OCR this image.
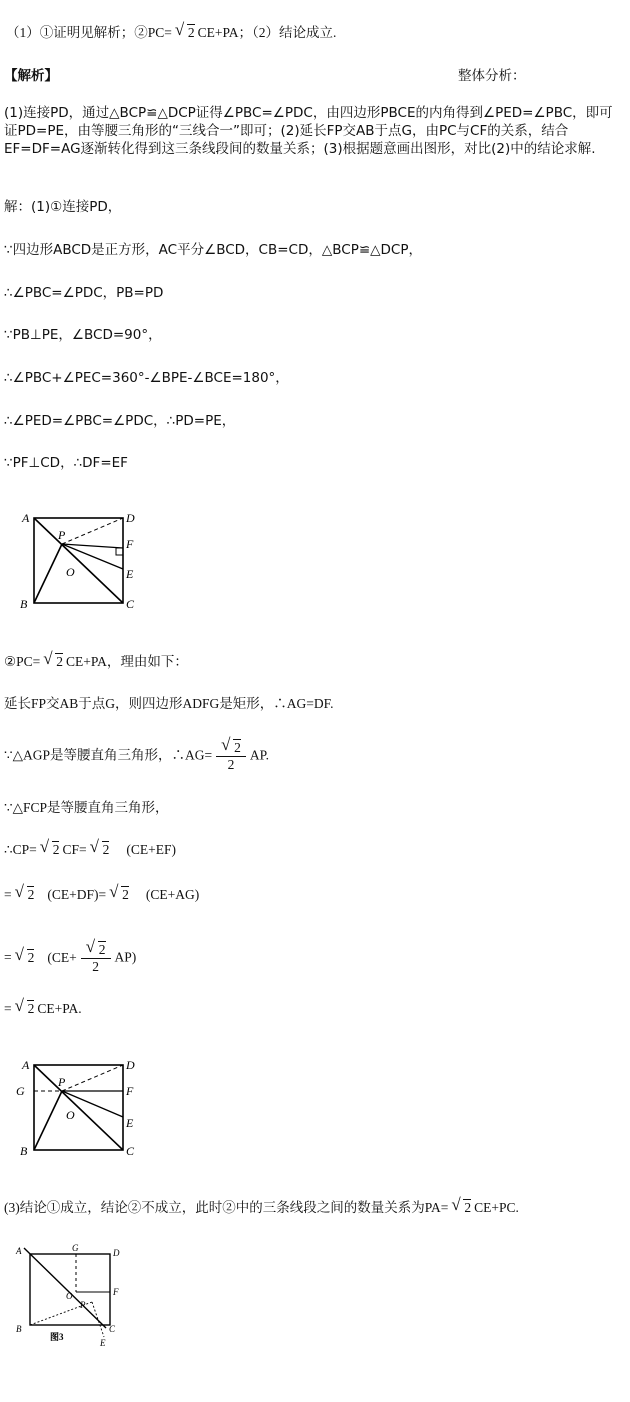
（1）①证明见解析；②PC= √ 2 CE+PA；（2）结论成立.
【解析】	整体分析：
(1)连接PD，通过△BCP≌△DCP证得∠PBC=∠PDC，由四边形PBCE的内角得到∠PED=∠PBC，即可证PD=PE，由等腰三角形的“三线合一”即可；(2)延长FP交AB于点G，由PC与CF的关系，结合EF=DF=AG逐渐转化得到这三条线段间的数量关系；(3)根据题意画出图形，对比(2)中的结论求解.
解：(1)①连接PD，
∵四边形ABCD是正方形，AC平分∠BCD，CB=CD，△BCP≌△DCP，
∴∠PBC=∠PDC，PB=PD
∵PB⊥PE，∠BCD=90°，
∴∠PBC+∠PEC=360°-∠BPE-∠BCE=180°，
∴∠PED=∠PBC=∠PDC，∴PD=PE，
∵PF⊥CD，∴DF=EF
A	D
P
F
O	E
B	C
②PC= √ 2 CE+PA，理由如下：
延长FP交AB于点G，则四边形ADFG是矩形，∴AG=DF.
∵△AGP是等腰直角三角形，∴AG= $\frac{√ 2}{2}$ AP.
∵△FCP是等腰直角三角形，
∴CP= √ 2 CF= √ 2 (CE+EF)
= √ 2 (CE+DF)= √ 2 (CE+AG)
= √ 2 $(CE+ \frac{√ 2}{2} AP)$
= √ 2 CE+PA.
A	D
G
P
F
O
E
B	C
(3)结论①成立，结论②不成立，此时②中的三条线段之间的数量关系为PA= √ 2 CE+PC.
A	G	D
O	F
P
B	C
E
图3
